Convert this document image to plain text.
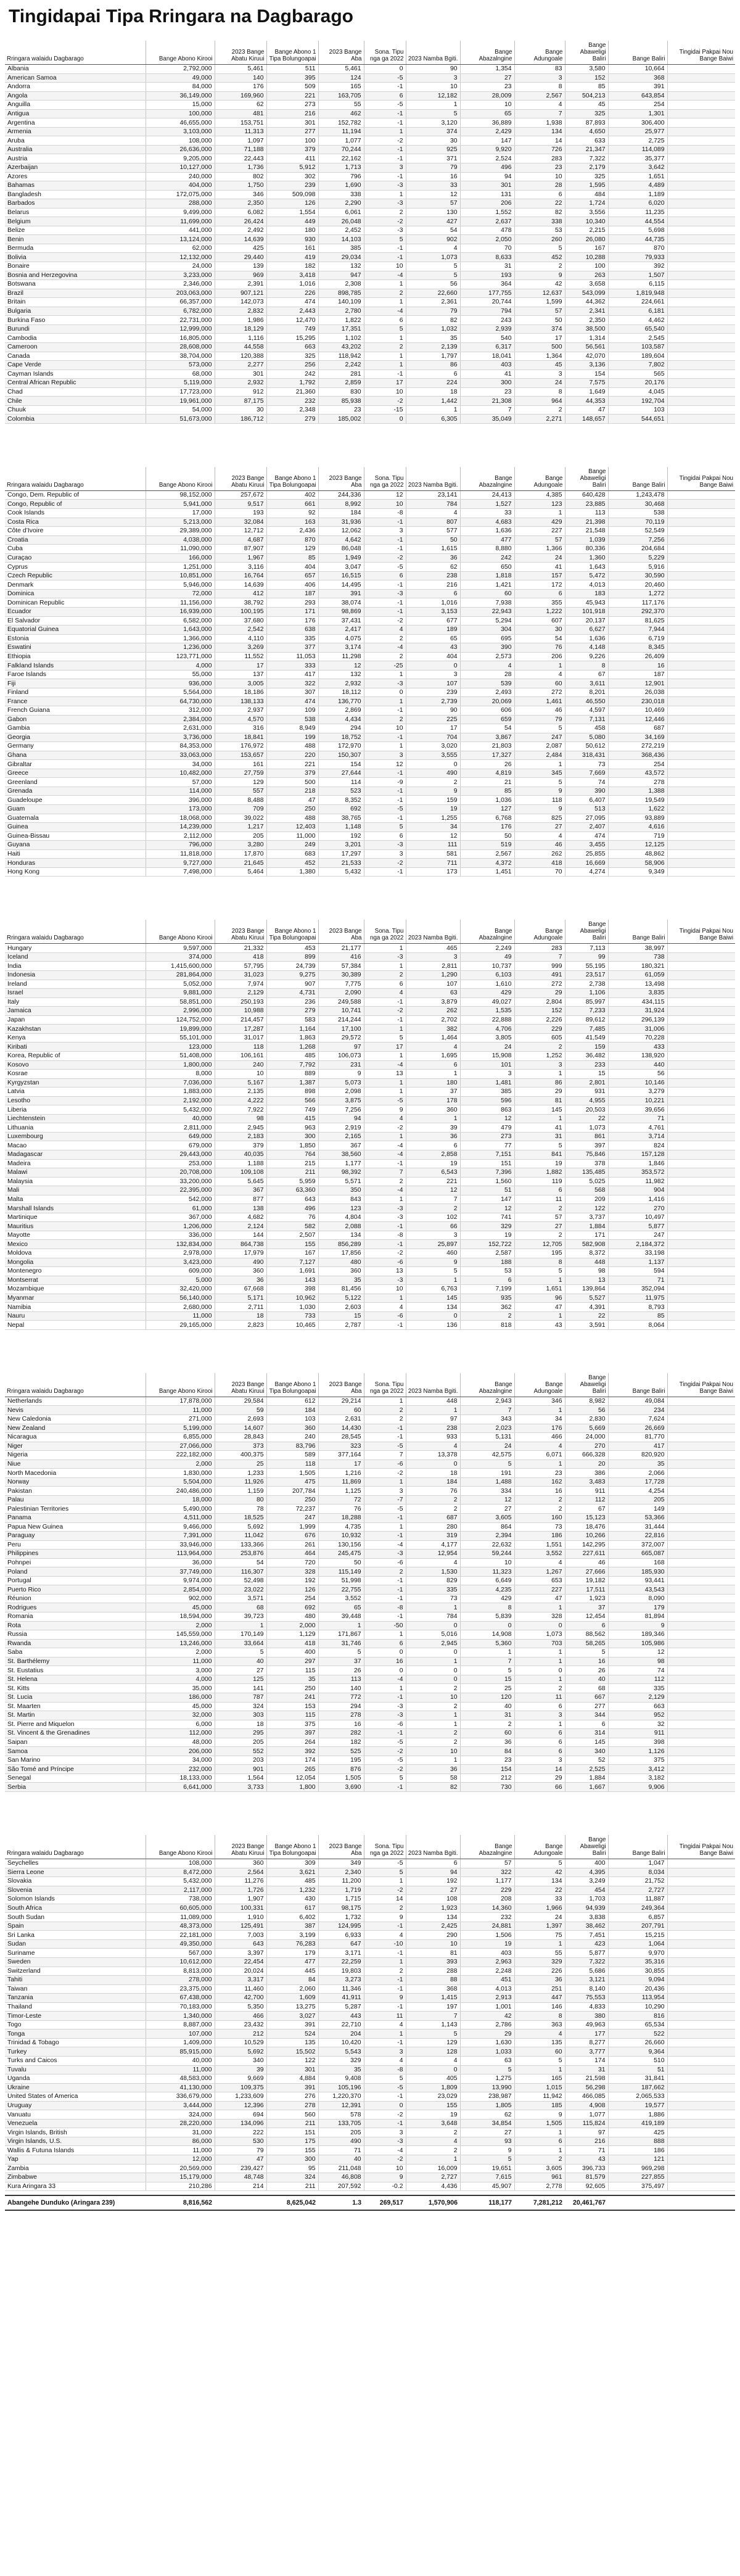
Tingidapai Tipa Rringara na Dagbarago
Rringara walaidu Dagbarago	Bange Abono Kirooi	2023 Bange Abatu Kiruui	Bange Abono 1 Tipa Bolungoapai	2023 Bange Aba	Sona. Tipu nga ga 2022	2023 Namba Bgiti.	Bange Abazalngine	Bange Adungoale	Bange Abaweligi Baliri	Bange Baliri	Tingidai Pakpai Nou Bange Baiwi
Albania	2,792,000	5,461	511	5,461	0	90	1,354	83	3,580	10,664	
American Samoa	49,000	140	395	124	-5	3	27	3	152	368	
Andorra	84,000	176	509	165	-1	10	23	8	85	391	
Angola	36,149,000	169,960	221	163,705	6	12,182	28,009	2,567	504,213	643,854	
Anguilla	15,000	62	273	55	-5	1	10	4	45	254	
Antigua	100,000	481	216	462	-1	5	65	7	325	1,301	
Argentina	46,655,000	153,751	301	152,782	-1	3,120	36,889	1,938	87,893	306,400	
Armenia	3,103,000	11,313	277	11,194	1	374	2,429	134	4,650	25,977	
Aruba	108,000	1,097	100	1,077	-2	30	147	14	633	2,725	
Australia	26,636,000	71,188	379	70,244	-1	925	9,920	726	21,347	114,089	
Austria	9,205,000	22,443	411	22,162	-1	371	2,524	283	7,322	35,377	
Azerbaijan	10,127,000	1,736	5,912	1,713	3	79	496	23	2,179	3,642	
Azores	240,000	802	302	796	-1	16	94	10	325	1,651	
Bahamas	404,000	1,750	239	1,690	-3	33	301	28	1,595	4,489	
Bangladesh	172,075,000	346	509,098	338	1	12	131	6	484	1,189	
Barbados	288,000	2,350	126	2,290	-3	57	206	22	1,724	6,020	
Belarus	9,499,000	6,082	1,554	6,061	2	130	1,552	82	3,556	11,235	
Belgium	11,699,000	26,424	449	26,048	-2	427	2,637	338	10,340	44,554	
Belize	441,000	2,492	180	2,452	-3	54	478	53	2,215	5,698	
Benin	13,124,000	14,639	930	14,103	5	902	2,050	260	26,080	44,735	
Bermuda	62,000	425	161	385	-1	4	70	5	167	870	
Bolivia	12,132,000	29,440	419	29,034	-1	1,073	8,633	452	10,288	79,933	
Bonaire	24,000	139	182	132	10	5	31	2	100	392	
Bosnia and Herzegovina	3,233,000	969	3,418	947	-4	5	193	9	263	1,507	
Botswana	2,346,000	2,391	1,016	2,308	1	56	364	42	3,658	6,115	
Brazil	203,063,000	907,121	226	898,785	2	22,660	177,755	12,637	543,099	1,819,948	
Britain	66,357,000	142,073	474	140,109	1	2,361	20,744	1,599	44,362	224,661	
Bulgaria	6,782,000	2,832	2,443	2,780	-4	79	794	57	2,341	6,181	
Burkina Faso	22,731,000	1,986	12,470	1,822	6	82	243	50	2,350	4,462	
Burundi	12,999,000	18,129	749	17,351	5	1,032	2,939	374	38,500	65,540	
Cambodia	16,805,000	1,116	15,295	1,102	1	35	540	17	1,314	2,545	
Cameroon	28,608,000	44,558	663	43,202	2	2,139	6,317	500	56,561	103,587	
Canada	38,704,000	120,388	325	118,942	1	1,797	18,041	1,364	42,070	189,604	
Cape Verde	573,000	2,277	256	2,242	1	86	403	45	3,136	7,802	
Cayman Islands	68,000	301	242	281	-1	6	41	3	154	565	
Central African Republic	5,119,000	2,932	1,792	2,859	17	224	300	24	7,575	20,176	
Chad	17,723,000	912	21,360	830	10	18	23	8	1,649	4,045	
Chile	19,961,000	87,175	232	85,938	-2	1,442	21,308	964	44,353	192,704	
Chuuk	54,000	30	2,348	23	-15	1	7	2	47	103	
Colombia	51,673,000	186,712	279	185,002	0	6,305	35,049	2,271	148,657	544,651	
Rringara walaidu Dagbarago	Bange Abono Kirooi	2023 Bange Abatu Kiruui	Bange Abono 1 Tipa Bolungoapai	2023 Bange Aba	Sona. Tipu nga ga 2022	2023 Namba Bgiti.	Bange Abazalngine	Bange Adungoale	Bange Abaweligi Baliri	Bange Baliri	Tingidai Pakpai Nou Bange Baiwi
Congo, Dem. Republic of	98,152,000	257,672	402	244,336	12	23,141	24,413	4,385	640,428	1,243,478	
Congo, Republic of	5,941,000	9,517	661	8,992	10	784	1,527	123	23,885	30,468	
Cook Islands	17,000	193	92	184	-8	4	33	1	113	538	
Costa Rica	5,213,000	32,084	163	31,936	-1	807	4,683	429	21,398	70,119	
Côte d’Ivoire	29,389,000	12,712	2,436	12,062	3	577	1,636	227	21,548	52,549	
Croatia	4,038,000	4,687	870	4,642	-1	50	477	57	1,039	7,256	
Cuba	11,090,000	87,907	129	86,048	-1	1,615	8,880	1,366	80,336	204,684	
Curaçao	166,000	1,967	85	1,949	-2	36	242	24	1,360	5,229	
Cyprus	1,251,000	3,116	404	3,047	-5	62	650	41	1,643	5,916	
Czech Republic	10,851,000	16,764	657	16,515	6	238	1,818	157	5,472	30,590	
Denmark	5,946,000	14,639	406	14,495	-1	216	1,421	172	4,013	20,460	
Dominica	72,000	412	187	391	-3	6	60	6	183	1,272	
Dominican Republic	11,156,000	38,792	293	38,074	-1	1,016	7,938	355	45,943	117,176	
Ecuador	16,939,000	100,195	171	98,869	-1	3,153	22,943	1,222	101,918	292,370	
El Salvador	6,582,000	37,680	176	37,431	-2	677	5,294	607	20,137	81,625	
Equatorial Guinea	1,643,000	2,542	638	2,417	4	189	304	30	6,627	7,944	
Estonia	1,366,000	4,110	335	4,075	2	65	695	54	1,636	6,719	
Eswatini	1,236,000	3,269	377	3,174	-4	43	390	76	4,148	8,345	
Ethiopia	123,771,000	11,552	11,053	11,298	2	404	2,573	206	9,226	26,409	
Falkland Islands	4,000	17	333	12	-25	0	4	1	8	16	
Faroe Islands	55,000	137	417	132	1	3	28	4	67	187	
Fiji	936,000	3,005	322	2,932	-3	107	539	60	3,611	12,901	
Finland	5,564,000	18,186	307	18,112	0	239	2,493	272	8,201	26,038	
France	64,730,000	138,133	474	136,770	1	2,739	20,069	1,461	46,550	230,018	
French Guiana	312,000	2,937	109	2,869	-1	90	606	46	4,597	10,469	
Gabon	2,384,000	4,570	538	4,434	2	225	659	79	7,131	12,446	
Gambia	2,631,000	316	8,949	294	10	17	54	5	458	687	
Georgia	3,736,000	18,841	199	18,752	-1	704	3,867	247	5,080	34,169	
Germany	84,353,000	176,972	488	172,970	1	3,020	21,803	2,087	50,612	272,219	
Ghana	33,063,000	153,657	220	150,307	3	3,555	17,327	2,484	318,431	368,436	
Gibraltar	34,000	161	221	154	12	0	26	1	73	254	
Greece	10,482,000	27,759	379	27,644	-1	490	4,819	345	7,669	43,572	
Greenland	57,000	129	500	114	-9	2	21	5	74	278	
Grenada	114,000	557	218	523	-1	9	85	9	390	1,388	
Guadeloupe	396,000	8,488	47	8,352	-1	159	1,036	118	6,407	19,549	
Guam	173,000	709	250	692	-5	19	127	9	513	1,622	
Guatemala	18,068,000	39,022	488	38,765	-1	1,255	6,768	825	27,095	93,889	
Guinea	14,239,000	1,217	12,403	1,148	5	34	176	27	2,407	4,616	
Guinea-Bissau	2,112,000	205	11,000	192	6	12	50	4	474	719	
Guyana	796,000	3,280	249	3,201	-3	111	519	46	3,455	12,125	
Haiti	11,818,000	17,870	683	17,297	3	581	2,567	262	25,855	48,862	
Honduras	9,727,000	21,645	452	21,533	-2	711	4,372	418	16,669	58,906	
Hong Kong	7,498,000	5,464	1,380	5,432	-1	173	1,451	70	4,274	9,349	
Rringara walaidu Dagbarago	Bange Abono Kirooi	2023 Bange Abatu Kiruui	Bange Abono 1 Tipa Bolungoapai	2023 Bange Aba	Sona. Tipu nga ga 2022	2023 Namba Bgiti.	Bange Abazalngine	Bange Adungoale	Bange Abaweligi Baliri	Bange Baliri	Tingidai Pakpai Nou Bange Baiwi
Hungary	9,597,000	21,332	453	21,177	1	465	2,249	283	7,113	38,997	
Iceland	374,000	418	899	416	-3	3	49	7	99	738	
India	1,415,600,000	57,795	24,739	57,384	1	2,811	10,737	999	55,195	180,321	
Indonesia	281,864,000	31,023	9,275	30,389	2	1,290	6,103	491	23,517	61,059	
Ireland	5,052,000	7,974	907	7,775	6	107	1,610	272	2,738	13,498	
Israel	9,881,000	2,129	4,731	2,090	4	63	429	29	1,106	3,835	
Italy	58,851,000	250,193	236	249,588	-1	3,879	49,027	2,804	85,997	434,115	
Jamaica	2,996,000	10,988	279	10,741	-2	262	1,535	152	7,233	31,924	
Japan	124,752,000	214,457	583	214,244	-1	2,702	22,888	2,226	89,612	296,139	
Kazakhstan	19,899,000	17,287	1,164	17,100	1	382	4,706	229	7,485	31,006	
Kenya	55,101,000	31,017	1,863	29,572	5	1,464	3,805	605	41,549	70,228	
Kiribati	123,000	118	1,268	97	17	4	24	2	159	433	
Korea, Republic of	51,408,000	106,161	485	106,073	1	1,695	15,908	1,252	36,482	138,920	
Kosovo	1,800,000	240	7,792	231	-4	6	101	3	233	440	
Kosrae	8,000	10	889	9	13	1	3	1	15	56	
Kyrgyzstan	7,036,000	5,167	1,387	5,073	1	180	1,481	86	2,801	10,146	
Latvia	1,883,000	2,135	898	2,098	1	37	385	29	931	3,279	
Lesotho	2,192,000	4,222	566	3,875	-5	178	596	81	4,955	10,221	
Liberia	5,432,000	7,922	749	7,256	9	360	863	145	20,503	39,656	
Liechtenstein	40,000	98	415	94	4	1	12	1	22	71	
Lithuania	2,811,000	2,945	963	2,919	-2	39	479	41	1,073	4,761	
Luxembourg	649,000	2,183	300	2,165	1	36	273	31	861	3,714	
Macao	679,000	379	1,850	367	-4	6	77	5	397	824	
Madagascar	29,443,000	40,035	764	38,560	-4	2,858	7,151	841	75,846	157,128	
Madeira	253,000	1,188	215	1,177	-1	19	151	19	378	1,846	
Malawi	20,708,000	109,108	211	98,392	7	6,543	7,396	1,882	135,485	353,572	
Malaysia	33,200,000	5,645	5,959	5,571	2	221	1,560	119	5,025	11,982	
Mali	22,395,000	367	63,360	350	-4	12	51	6	568	904	
Malta	542,000	877	643	843	1	7	147	11	209	1,416	
Marshall Islands	61,000	138	496	123	-3	2	12	2	122	270	
Martinique	367,000	4,682	76	4,804	-3	102	741	57	3,737	10,497	
Mauritius	1,206,000	2,124	582	2,088	-1	66	329	27	1,884	5,877	
Mayotte	336,000	144	2,507	134	-8	3	19	2	171	247	
Mexico	132,834,000	864,738	155	856,289	-1	25,897	152,722	12,705	582,908	2,184,372	
Moldova	2,978,000	17,979	167	17,856	-2	460	2,587	195	8,372	33,198	
Mongolia	3,423,000	490	7,127	480	-6	9	188	8	448	1,137	
Montenegro	609,000	360	1,691	360	13	5	53	5	98	594	
Montserrat	5,000	36	143	35	-3	1	6	1	13	71	
Mozambique	32,420,000	67,668	398	81,456	10	6,763	7,199	1,651	139,864	352,094	
Myanmar	56,140,000	5,171	10,962	5,122	1	145	935	96	5,527	11,975	
Namibia	2,680,000	2,711	1,030	2,603	4	134	362	47	4,391	8,793	
Nauru	11,000	18	733	15	-6	0	2	1	22	85	
Nepal	29,165,000	2,823	10,465	2,787	-1	136	818	43	3,591	8,064	
Rringara walaidu Dagbarago	Bange Abono Kirooi	2023 Bange Abatu Kiruui	Bange Abono 1 Tipa Bolungoapai	2023 Bange Aba	Sona. Tipu nga ga 2022	2023 Namba Bgiti.	Bange Abazalngine	Bange Adungoale	Bange Abaweligi Baliri	Bange Baliri	Tingidai Pakpai Nou Bange Baiwi
Netherlands	17,878,000	29,584	612	29,214	1	448	2,943	346	8,982	49,084	
Nevis	11,000	59	184	60	2	1	7	1	56	234	
New Caledonia	271,000	2,693	103	2,631	2	97	343	34	2,830	7,624	
New Zealand	5,199,000	14,607	360	14,430	-1	238	2,023	176	5,669	26,669	
Nicaragua	6,855,000	28,843	240	28,545	-1	933	5,131	466	24,000	81,770	
Niger	27,066,000	373	83,796	323	-5	4	24	4	270	417	
Nigeria	222,182,000	400,375	589	377,164	7	13,378	42,575	6,071	666,328	820,920	
Niue	2,000	25	118	17	-6	0	5	1	20	35	
North Macedonia	1,830,000	1,233	1,505	1,216	-2	18	191	23	386	2,066	
Norway	5,504,000	11,926	475	11,869	1	184	1,488	162	3,483	17,728	
Pakistan	240,486,000	1,159	207,784	1,125	3	76	334	16	911	4,254	
Palau	18,000	80	250	72	-7	2	12	2	112	205	
Palestinian Territories	5,490,000	78	72,237	76	-5	2	27	2	67	149	
Panama	4,511,000	18,525	247	18,288	-1	687	3,605	160	15,123	53,366	
Papua New Guinea	9,466,000	5,692	1,999	4,735	1	280	864	73	18,476	31,444	
Paraguay	7,391,000	11,042	676	10,932	-1	319	2,394	186	10,266	22,816	
Peru	33,946,000	133,366	261	130,156	-4	4,177	22,632	1,551	142,295	372,007	
Philippines	113,964,000	253,876	464	245,475	-3	12,954	59,244	3,552	227,611	665,087	
Pohnpei	36,000	54	720	50	-6	4	10	4	46	168	
Poland	37,749,000	116,307	328	115,149	2	1,530	11,323	1,267	27,666	185,930	
Portugal	9,974,000	52,498	192	51,998	-1	829	6,649	653	19,182	93,441	
Puerto Rico	2,854,000	23,022	126	22,755	-1	335	4,235	227	17,511	43,543	
Réunion	902,000	3,571	254	3,552	-1	73	429	47	1,923	8,090	
Rodrigues	45,000	68	692	65	-8	1	8	1	37	179	
Romania	18,594,000	39,723	480	39,448	-1	784	5,839	328	12,454	81,894	
Rota	2,000	1	2,000	1	-50	0	0	0	6	9	
Russia	145,559,000	170,149	1,129	171,867	1	5,016	14,908	1,073	88,562	189,346	
Rwanda	13,246,000	33,664	418	31,746	6	2,945	5,360	703	58,265	105,986	
Saba	2,000	5	400	5	0	0	1	1	5	12	
St. Barthélemy	11,000	40	297	37	16	1	7	1	16	98	
St. Eustatius	3,000	27	115	26	0	0	5	0	26	74	
St. Helena	4,000	125	35	113	-4	0	15	1	40	112	
St. Kitts	35,000	141	250	140	1	2	25	2	68	335	
St. Lucia	186,000	787	241	772	-1	10	120	11	667	2,129	
St. Maarten	45,000	324	153	294	-3	2	40	6	277	663	
St. Martin	32,000	303	115	278	-3	1	31	3	344	952	
St. Pierre and Miquelon	6,000	18	375	16	-6	1	2	1	6	32	
St. Vincent & the Grenadines	112,000	295	397	282	-1	2	60	6	314	911	
Saipan	48,000	205	264	182	-5	2	36	6	145	398	
Samoa	206,000	552	392	525	-2	10	84	6	340	1,126	
San Marino	34,000	203	174	195	-5	1	23	3	52	375	
São Tomé and Príncipe	232,000	901	265	876	-2	36	154	14	2,525	3,412	
Senegal	18,133,000	1,564	12,054	1,505	5	58	212	29	1,884	3,182	
Serbia	6,641,000	3,733	1,800	3,690	-1	82	730	66	1,667	9,906	
Rringara walaidu Dagbarago	Bange Abono Kirooi	2023 Bange Abatu Kiruui	Bange Abono 1 Tipa Bolungoapai	2023 Bange Aba	Sona. Tipu nga ga 2022	2023 Namba Bgiti.	Bange Abazalngine	Bange Adungoale	Bange Abaweligi Baliri	Bange Baliri	Tingidai Pakpai Nou Bange Baiwi
Seychelles	108,000	360	309	349	-5	6	57	5	400	1,047	
Sierra Leone	8,472,000	2,564	3,621	2,340	5	94	322	42	4,395	8,034	
Slovakia	5,432,000	11,276	485	11,200	1	192	1,177	134	3,249	21,752	
Slovenia	2,117,000	1,726	1,232	1,719	-2	27	229	22	454	2,727	
Solomon Islands	738,000	1,907	430	1,715	14	108	208	33	1,703	11,887	
South Africa	60,605,000	100,331	617	98,175	2	1,923	14,360	1,966	94,939	249,364	
South Sudan	11,089,000	1,910	6,402	1,732	9	134	232	24	3,838	6,857	
Spain	48,373,000	125,491	387	124,995	-1	2,425	24,881	1,397	38,462	207,791	
Sri Lanka	22,181,000	7,003	3,199	6,933	4	290	1,506	75	7,451	15,215	
Sudan	49,350,000	643	76,283	647	-10	10	19	1	423	1,064	
Suriname	567,000	3,397	179	3,171	-1	81	403	55	5,877	9,970	
Sweden	10,612,000	22,454	477	22,259	1	393	2,963	329	7,322	35,316	
Switzerland	8,813,000	20,024	445	19,803	2	288	2,248	226	5,686	30,855	
Tahiti	278,000	3,317	84	3,273	-1	88	451	36	3,121	9,094	
Taiwan	23,375,000	11,460	2,060	11,346	-1	368	4,013	251	8,140	20,436	
Tanzania	67,438,000	42,700	1,609	41,911	9	1,415	2,913	447	75,553	113,954	
Thailand	70,183,000	5,350	13,275	5,287	-1	197	1,001	146	4,833	10,290	
Timor-Leste	1,340,000	466	3,027	443	11	7	42	8	380	816	
Togo	8,887,000	23,432	391	22,710	4	1,143	2,786	363	49,963	65,534	
Tonga	107,000	212	524	204	1	5	29	4	177	522	
Trinidad & Tobago	1,409,000	10,529	135	10,420	-1	129	1,630	135	8,277	26,660	
Turkey	85,915,000	5,692	15,502	5,543	3	128	1,033	60	3,777	9,364	
Turks and Caicos	40,000	340	122	329	4	4	63	5	174	510	
Tuvalu	11,000	39	301	35	-8	0	5	1	31	51	
Uganda	48,583,000	9,669	4,884	9,408	5	405	1,275	165	21,598	31,841	
Ukraine	41,130,000	109,375	391	105,196	-5	1,809	13,990	1,015	56,298	187,662	
United States of America	336,679,000	1,233,609	276	1,220,370	-1	23,029	238,987	11,942	466,085	2,065,533	
Uruguay	3,444,000	12,396	278	12,391	0	155	1,805	185	4,908	19,577	
Vanuatu	324,000	694	560	578	-2	19	62	9	1,077	1,886	
Venezuela	28,220,000	134,096	211	133,705	-1	3,648	34,854	1,505	115,824	419,189	
Virgin Islands, British	31,000	222	151	205	3	2	27	1	97	425	
Virgin Islands, U.S.	86,000	530	175	490	-3	4	93	6	216	888	
Wallis & Futuna Islands	11,000	79	155	71	-4	2	9	1	71	186	
Yap	12,000	47	300	40	-2	1	5	2	43	121	
Zambia	20,569,000	239,427	95	211,048	10	16,009	19,651	3,605	396,733	969,298	
Zimbabwe	15,179,000	48,748	324	46,808	9	2,727	7,615	961	81,579	227,855	
Kura Aringara 33	210,286	214	211	207,592	-0.2	4,436	45,907	2,778	92,605	375,497	
Abangehe Dunduko (Aringara 239)	8,816,562		8,625,042	1.3	269,517	1,570,906	118,177	7,281,212	20,461,767		
